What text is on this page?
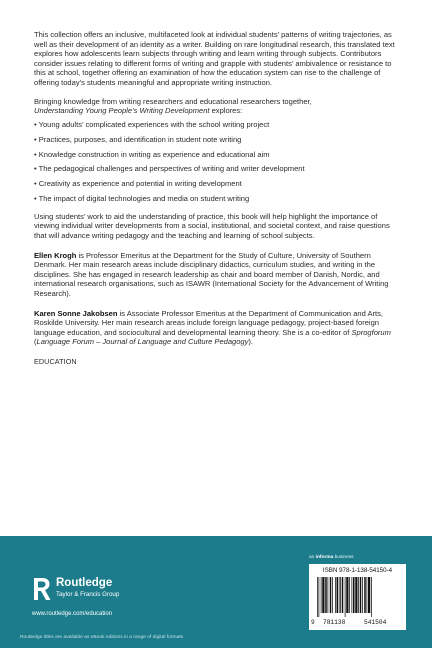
This collection offers an inclusive, multifaceted look at individual students’ patterns of writing trajectories, as well as their development of an identity as a writer. Building on rare longitudinal research, this translated text explores how adolescents learn subjects through writing and learn writing through subjects. Contributors consider issues relating to different forms of writing and grapple with students’ ambivalence or resistance to this at school, together offering an examination of how the education system can rise to the challenge of offering today’s students meaningful and appropriate writing instruction.

Bringing knowledge from writing researchers and educational researchers together,
Understanding Young People’s Writing Development explores:

• Young adults’ complicated experiences with the school writing project
• Practices, purposes, and identification in student note writing
• Knowledge construction in writing as experience and educational aim
• The pedagogical challenges and perspectives of writing and writer development
• Creativity as experience and potential in writing development
• The impact of digital technologies and media on student writing

Using students’ work to aid the understanding of practice, this book will help highlight the importance of viewing individual writer developments from a social, institutional, and societal context, and raise questions that will advance writing pedagogy and the teaching and learning of school subjects.

Ellen Krogh is Professor Emeritus at the Department for the Study of Culture, University of Southern Denmark. Her main research areas include disciplinary didactics, curriculum studies, and writing in the disciplines. She has engaged in research leadership as chair and board member of Danish, Nordic, and international research organisations, such as ISAWR (International Society for the Advancement of Writing Research).

Karen Sonne Jakobsen is Associate Professor Emeritus at the Department of Communication and Arts, Roskilde University. Her main research areas include foreign language pedagogy, project-based foreign language education, and sociocultural and developmental learning theory. She is a co-editor of Sprogforum (Language Forum – Journal of Language and Culture Pedagogy).

EDUCATION

Routledge
Taylor & Francis Group
www.routledge.com/education
Routledge titles are available as eBook editions in a range of digital formats
an informa business
ISBN 978-1-138-54150-4
9 781138	541504
